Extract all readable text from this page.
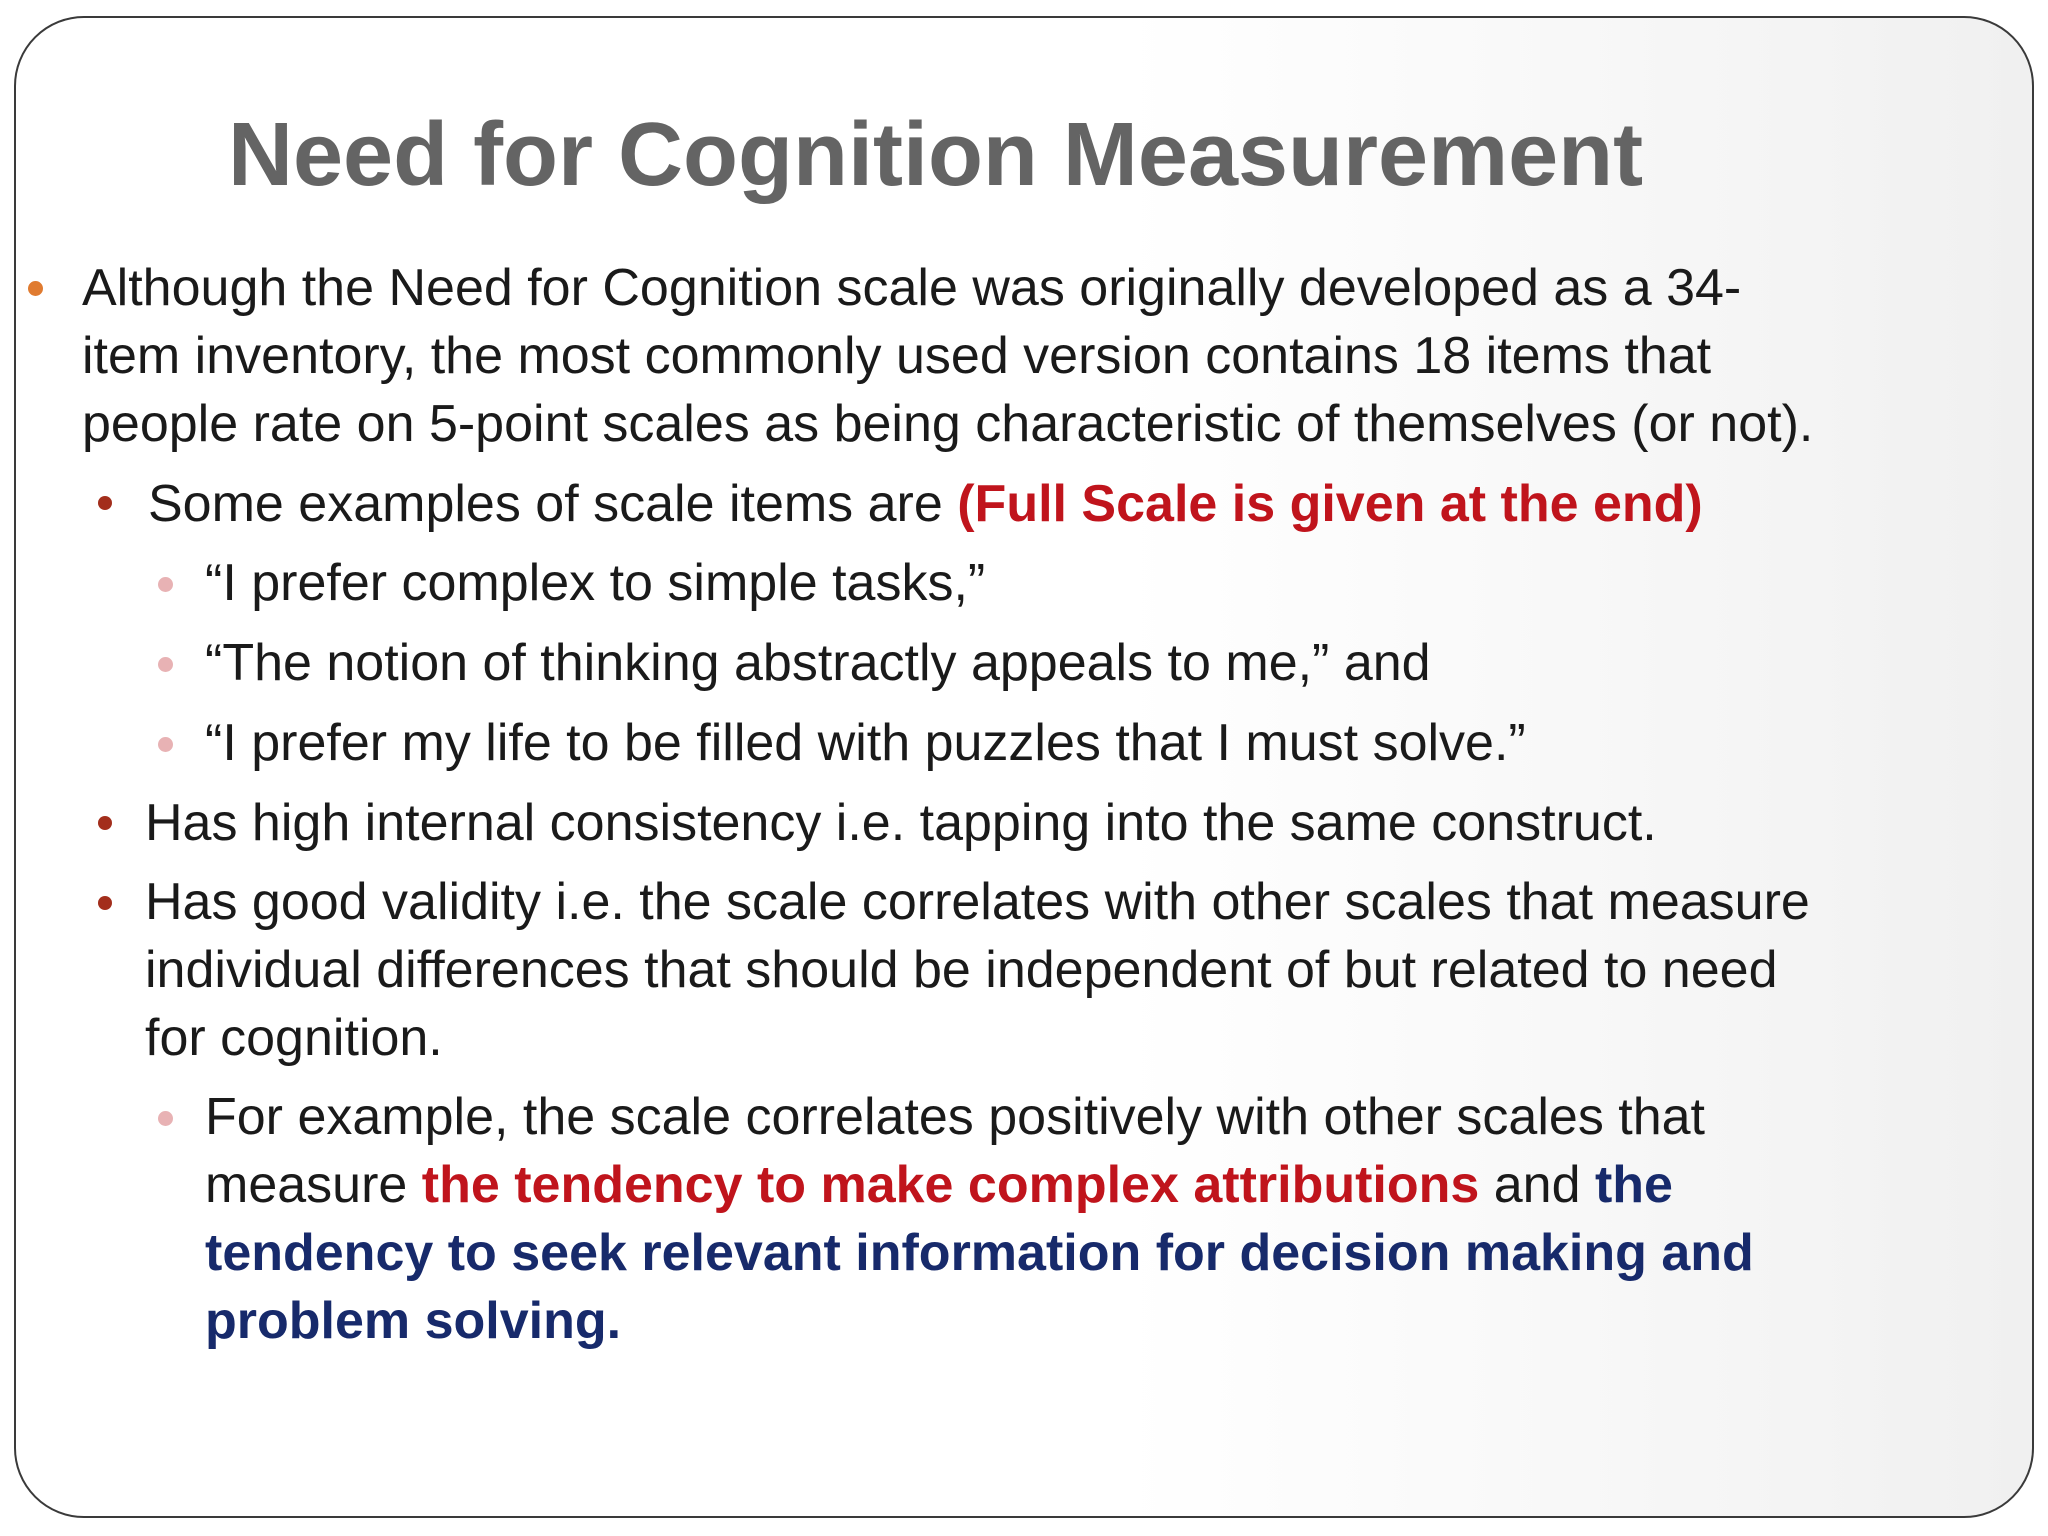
Need for Cognition Measurement
Although the Need for Cognition scale was originally developed as a 34-
item inventory, the most commonly used version contains 18 items that
people rate on 5-point scales as being characteristic of themselves (or not).
Some examples of scale items are (Full Scale is given at the end)
“I prefer complex to simple tasks,”
“The notion of thinking abstractly appeals to me,” and
“I prefer my life to be filled with puzzles that I must solve.”
Has high internal consistency i.e. tapping into the same construct.
Has good validity i.e. the scale correlates with other scales that measure
individual differences that should be independent of but related to need
for cognition.
For example, the scale correlates positively with other scales that
measure the tendency to make complex attributions and the
tendency to seek relevant information for decision making and
problem solving.
